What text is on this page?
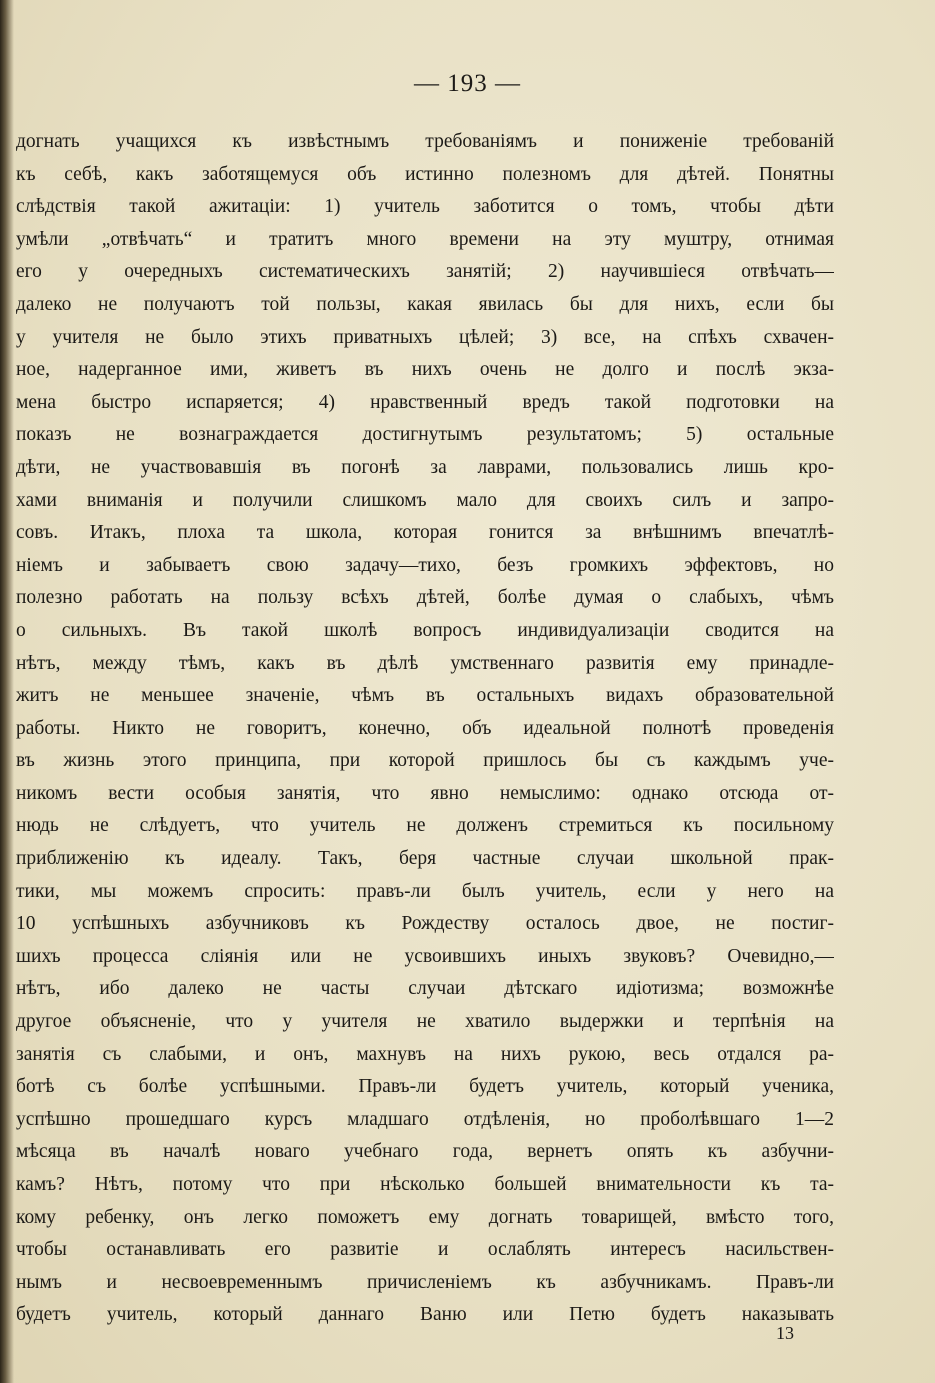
— 193 —
догнать учащихся къ извѣстнымъ требованiямъ и пониженiе требованiй
къ себѣ, какъ заботящемуся объ истинно полезномъ для дѣтей. Понятны
слѣдствiя такой ажитацiи: 1) учитель заботится о томъ, чтобы дѣти
умѣли „отвѣчать“ и тратитъ много времени на эту муштру, отнимая
его у очередныхъ систематическихъ занятiй; 2) научившiеся отвѣчать—
далеко не получаютъ той пользы, какая явилась бы для нихъ, если бы
у учителя не было этихъ приватныхъ цѣлей; 3) все, на спѣхъ схвачен-
ное, надерганное ими, живетъ въ нихъ очень не долго и послѣ экза-
мена быстро испаряется; 4) нравственный вредъ такой подготовки на
показъ не вознаграждается достигнутымъ результатомъ; 5) остальные
дѣти, не участвовавшiя въ погонѣ за лаврами, пользовались лишь кро-
хами вниманiя и получили слишкомъ мало для своихъ силъ и запро-
совъ. Итакъ, плоха та школа, которая гонится за внѣшнимъ впечатлѣ-
нiемъ и забываетъ свою задачу—тихо, безъ громкихъ эффектовъ, но
полезно работать на пользу всѣхъ дѣтей, болѣе думая о слабыхъ, чѣмъ
о сильныхъ. Въ такой школѣ вопросъ индивидуализацiи сводится на
нѣтъ, между тѣмъ, какъ въ дѣлѣ умственнаго развитiя ему принадле-
житъ не меньшее значенiе, чѣмъ въ остальныхъ видахъ образовательной
работы. Никто не говоритъ, конечно, объ идеальной полнотѣ проведенiя
въ жизнь этого принципа, при которой пришлось бы съ каждымъ уче-
никомъ вести особыя занятiя, что явно немыслимо: однако отсюда от-
нюдь не слѣдуетъ, что учитель не долженъ стремиться къ посильному
приближенiю къ идеалу. Такъ, беря частные случаи школьной прак-
тики, мы можемъ спросить: правъ-ли былъ учитель, если у него на
10 успѣшныхъ азбучниковъ къ Рождеству осталось двое, не постиг-
шихъ процесса слiянiя или не усвоившихъ иныхъ звуковъ? Очевидно,—
нѣтъ, ибо далеко не часты случаи дѣтскаго идiотизма; возможнѣе
другое объясненiе, что у учителя не хватило выдержки и терпѣнiя на
занятiя съ слабыми, и онъ, махнувъ на нихъ рукою, весь отдался ра-
ботѣ съ болѣе успѣшными. Правъ-ли будетъ учитель, который ученика,
успѣшно прошедшаго курсъ младшаго отдѣленiя, но проболѣвшаго 1—2
мѣсяца въ началѣ новаго учебнаго года, вернетъ опять къ азбучни-
камъ? Нѣтъ, потому что при нѣсколько большей внимательности къ та-
кому ребенку, онъ легко поможетъ ему догнать товарищей, вмѣсто того,
чтобы останавливать его развитiе и ослаблять интересъ насильствен-
нымъ и несвоевременнымъ причисленiемъ къ азбучникамъ. Правъ-ли
будетъ учитель, который даннаго Ваню или Петю будетъ наказывать
13
